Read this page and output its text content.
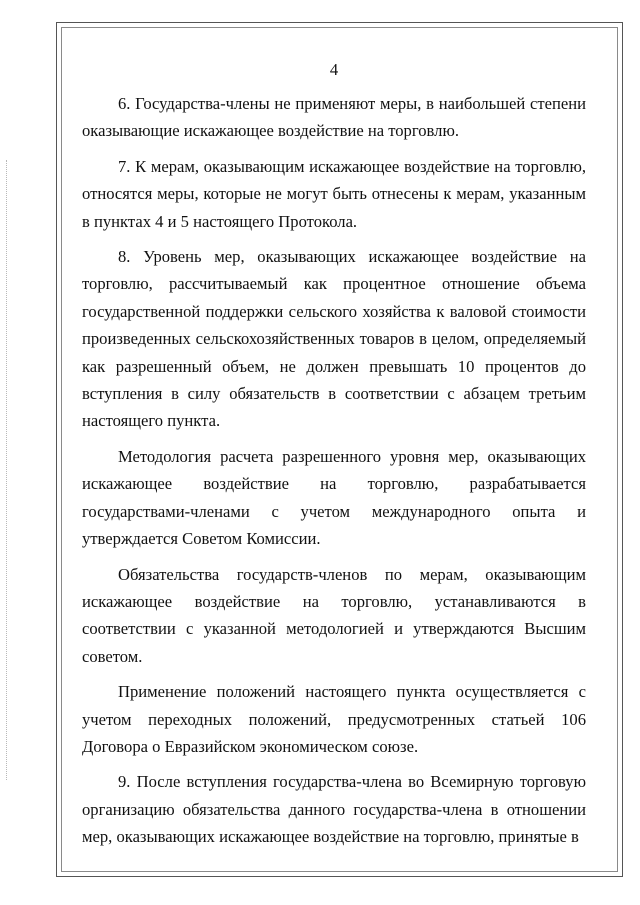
4

6. Государства-члены не применяют меры, в наибольшей степени оказывающие искажающее воздействие на торговлю.

7. К мерам, оказывающим искажающее воздействие на торговлю, относятся меры, которые не могут быть отнесены к мерам, указанным в пунктах 4 и 5 настоящего Протокола.

8. Уровень мер, оказывающих искажающее воздействие на торговлю, рассчитываемый как процентное отношение объема государственной поддержки сельского хозяйства к валовой стоимости произведенных сельскохозяйственных товаров в целом, определяемый как разрешенный объем, не должен превышать 10 процентов до вступления в силу обязательств в соответствии с абзацем третьим настоящего пункта.

Методология расчета разрешенного уровня мер, оказывающих искажающее воздействие на торговлю, разрабатывается государствами-членами с учетом международного опыта и утверждается Советом Комиссии.

Обязательства государств-членов по мерам, оказывающим искажающее воздействие на торговлю, устанавливаются в соответствии с указанной методологией и утверждаются Высшим советом.

Применение положений настоящего пункта осуществляется с учетом переходных положений, предусмотренных статьей 106 Договора о Евразийском экономическом союзе.

9. После вступления государства-члена во Всемирную торговую организацию обязательства данного государства-члена в отношении мер, оказывающих искажающее воздействие на торговлю, принятые в
